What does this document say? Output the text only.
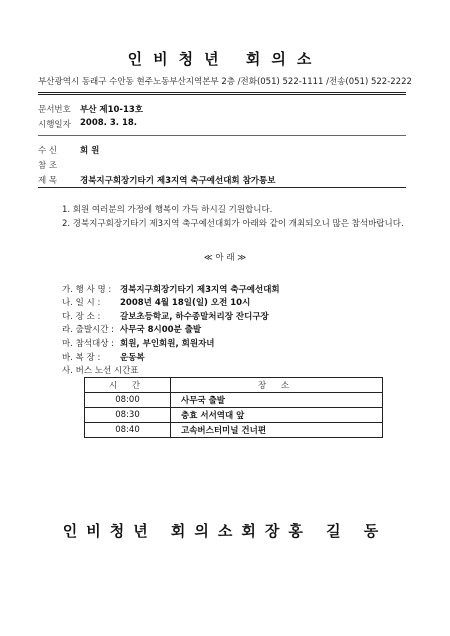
인비청년 회의소
부산광역시 동래구 수안동 현주노동부산지역본부 2층 /전화(051) 522-1111 /전송(051) 522-2222
문서번호 부산 제10-13호
시행일자 2008. 3. 18.
수 신	회 원
참 조
제 목	경북지구회장기타기 제3지역 축구예선대회 참가통보
1. 회원 여러분의 가정에 행복이 가득 하시길 기원합니다.
2. 경북지구회장기타기 제3지역 축구예선대회가 아래와 같이 개최되오니 많은 참석바랍니다.
≪ 아 래 ≫
가. 행 사 명 : 경북지구회장기타기 제3지역 축구예선대회
나. 일 시 : 2008년 4월 18일(일) 오전 10시
다. 장 소 : 갈보초등학교, 하수종말처리장 잔디구장
라. 출발시간 : 사무국 8시00분 출발
마. 참석대상 : 회원, 부인회원, 회원자녀
바. 복 장 : 운동복
사. 버스 노선 시간표
시 간	장 소
08:00	사무국 출발
08:30	충효 서서역대 앞
08:40	고속버스터미널 건너편
인비청년 회의소회장홍 길 동
